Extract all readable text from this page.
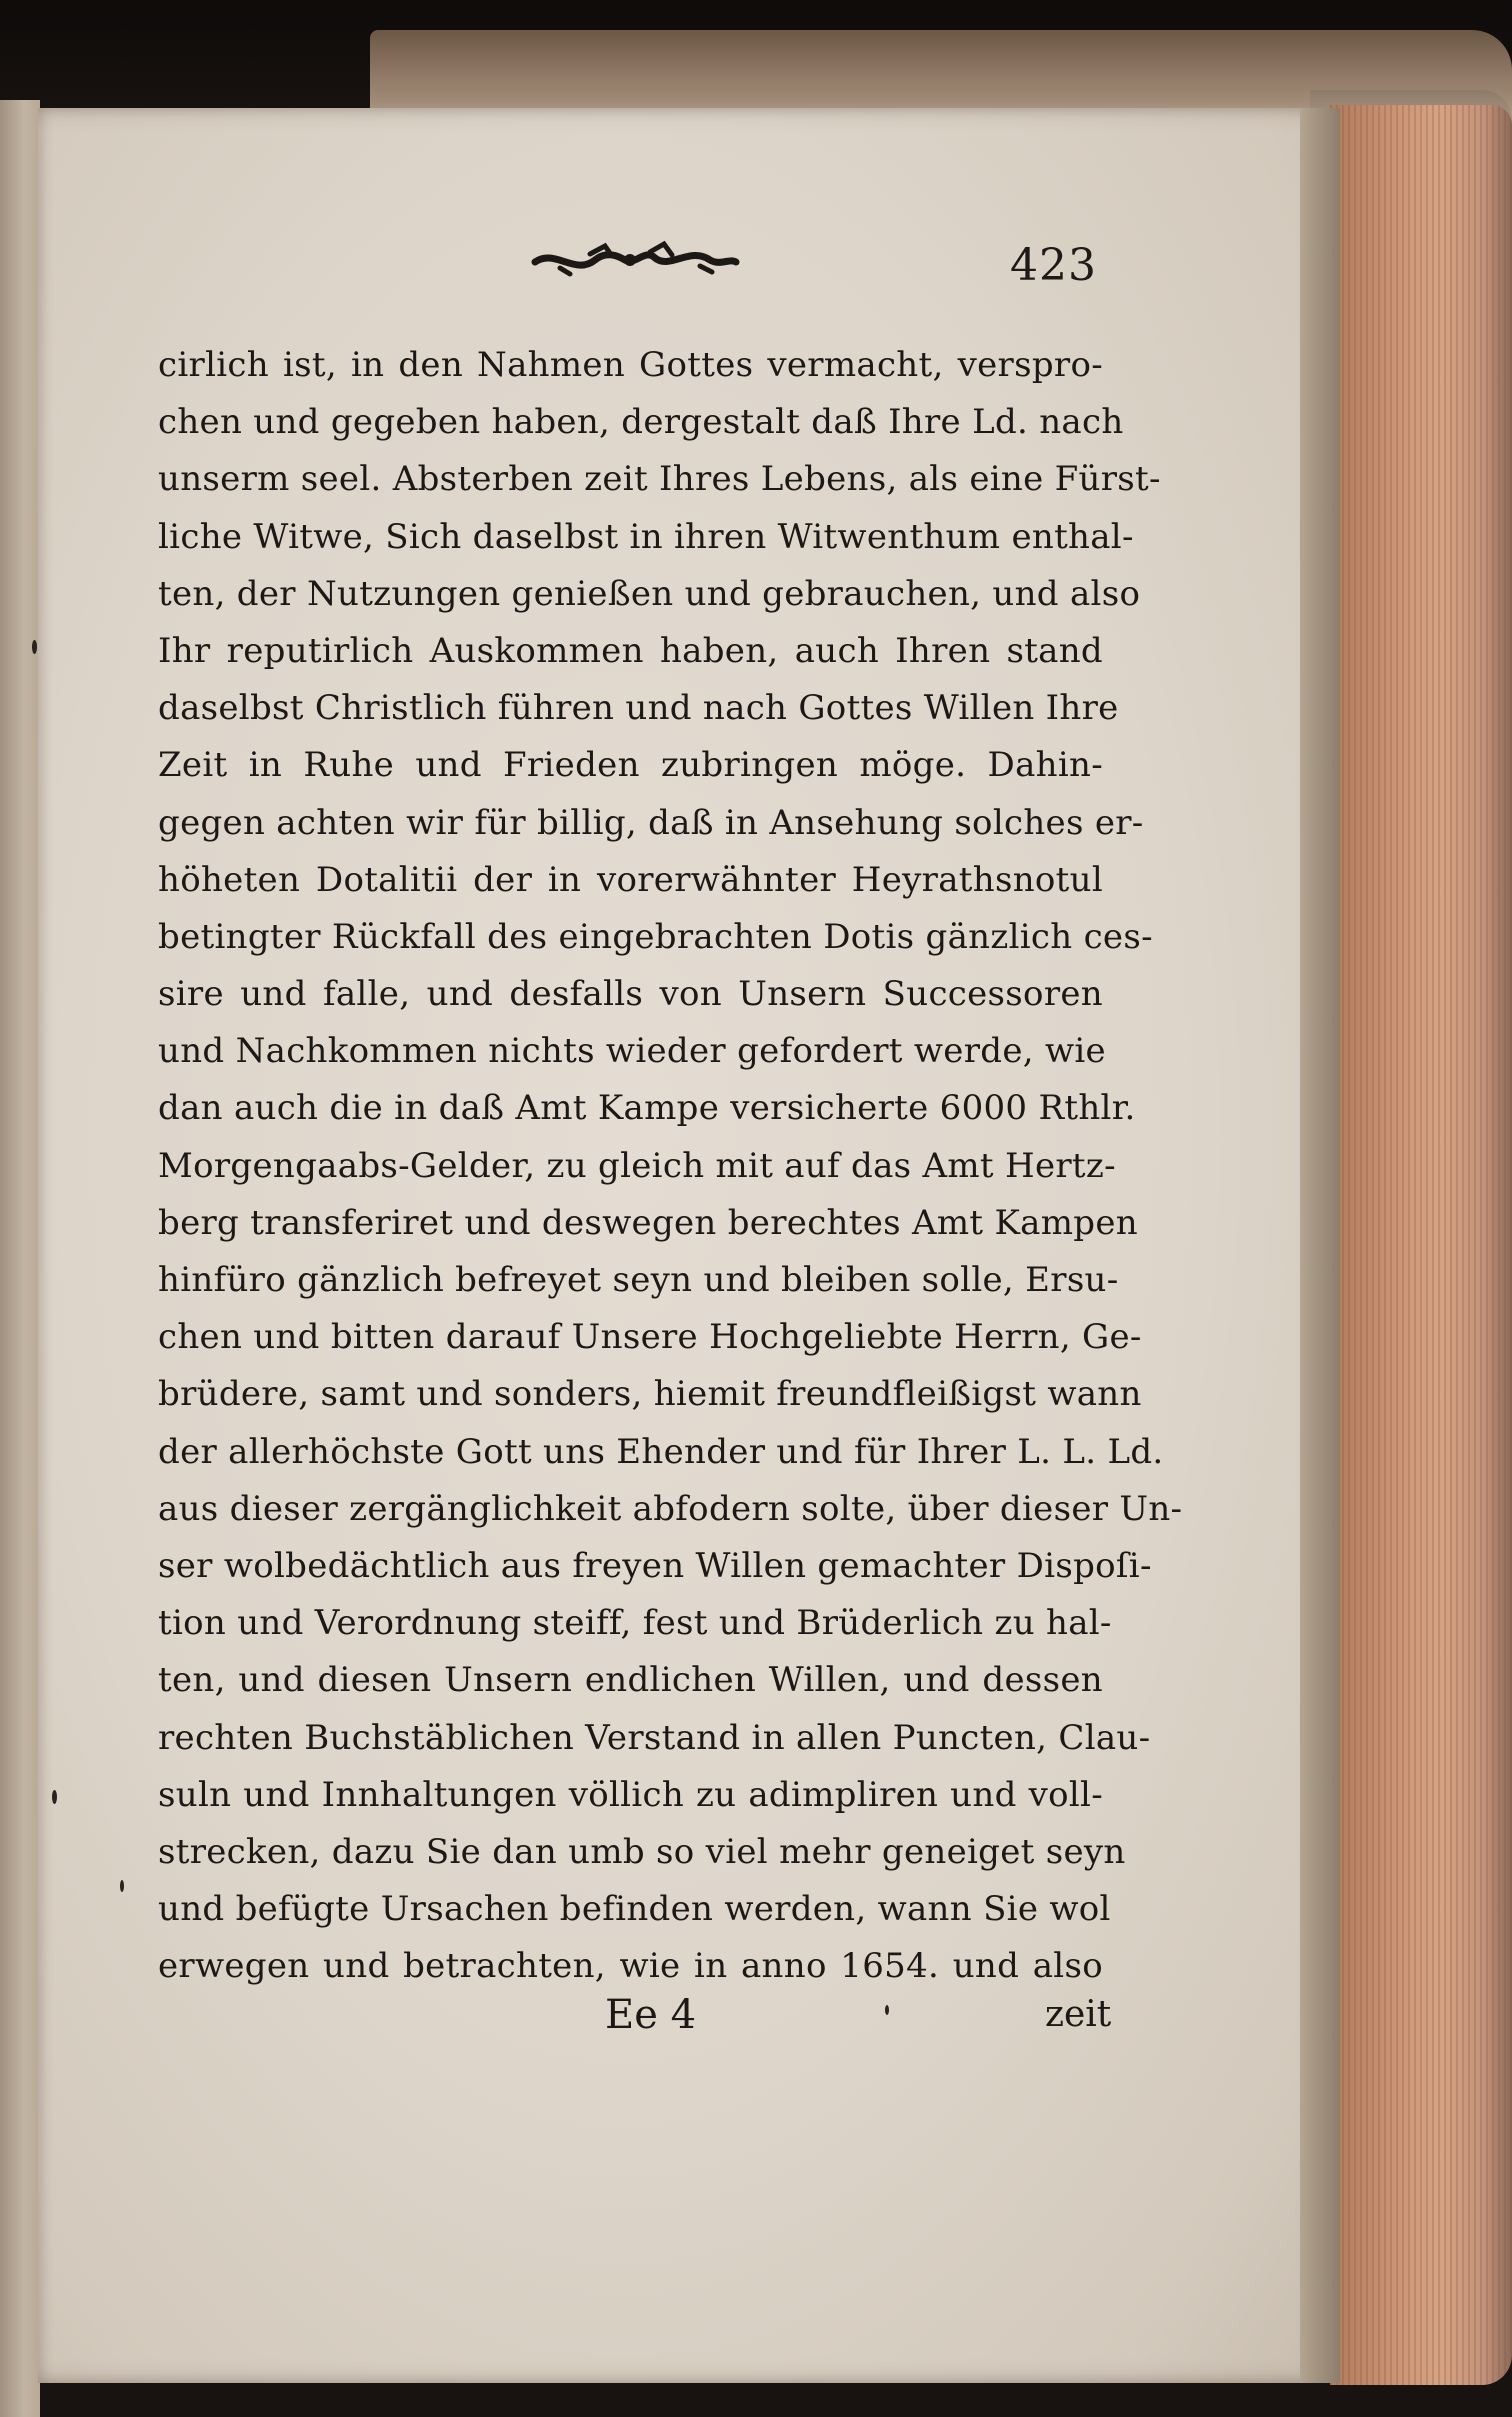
423
cirlich ist, in den Nahmen Gottes vermacht, verspro-
chen und gegeben haben, dergestalt daß Ihre Ld. nach
unserm seel. Absterben zeit Ihres Lebens, als eine Fürst-
liche Witwe, Sich daselbst in ihren Witwenthum enthal-
ten, der Nutzungen genießen und gebrauchen, und also
Ihr reputirlich Auskommen haben, auch Ihren stand
daselbst Christlich führen und nach Gottes Willen Ihre
Zeit in Ruhe und Frieden zubringen möge. Dahin-
gegen achten wir für billig, daß in Ansehung solches er-
höheten Dotalitii der in vorerwähnter Heyrathsnotul
betingter Rückfall des eingebrachten Dotis gänzlich ces-
sire und falle, und desfalls von Unsern Successoren
und Nachkommen nichts wieder gefordert werde, wie
dan auch die in daß Amt Kampe versicherte 6000 Rthlr.
Morgengaabs-Gelder, zu gleich mit auf das Amt Hertz-
berg transferiret und deswegen berechtes Amt Kampen
hinfüro gänzlich befreyet seyn und bleiben solle, Ersu-
chen und bitten darauf Unsere Hochgeliebte Herrn, Ge-
brüdere, samt und sonders, hiemit freundfleißigst wann
der allerhöchste Gott uns Ehender und für Ihrer L. L. Ld.
aus dieser zergänglichkeit abfodern solte, über dieser Un-
ser wolbedächtlich aus freyen Willen gemachter Dispoſi-
tion und Verordnung steiff, fest und Brüderlich zu hal-
ten, und diesen Unsern endlichen Willen, und dessen
rechten Buchstäblichen Verstand in allen Puncten, Clau-
suln und Innhaltungen völlich zu adimpliren und voll-
strecken, dazu Sie dan umb so viel mehr geneiget seyn
und befügte Ursachen befinden werden, wann Sie wol
erwegen und betrachten, wie in anno 1654. und also
Ee 4	zeit
